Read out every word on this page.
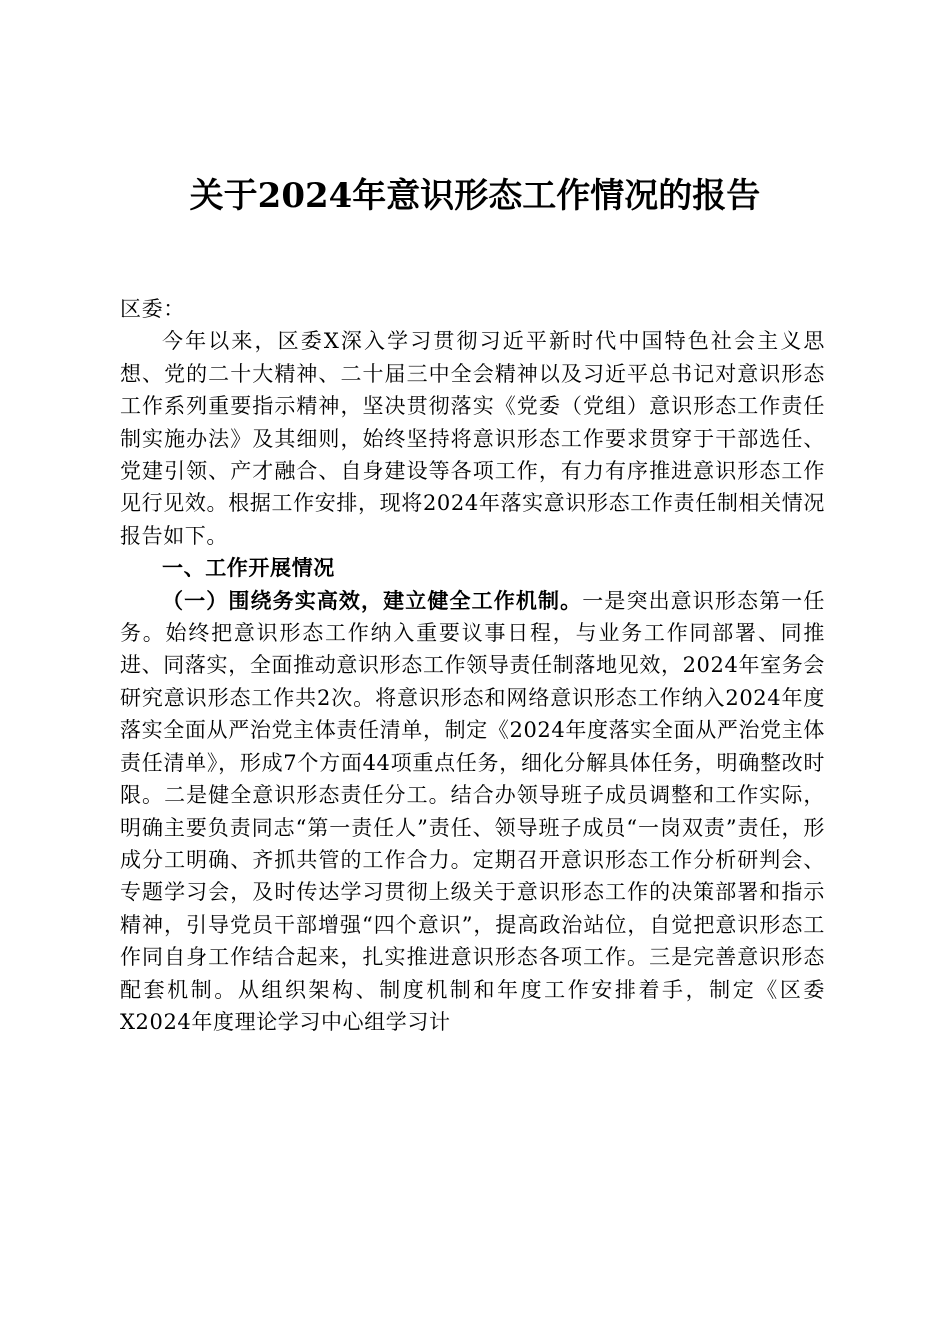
关于2024年意识形态工作情况的报告

区委：

今年以来，区委X深入学习贯彻习近平新时代中国特色社会主义思想、党的二十大精神、二十届三中全会精神以及习近平总书记对意识形态工作系列重要指示精神，坚决贯彻落实《党委（党组）意识形态工作责任制实施办法》及其细则，始终坚持将意识形态工作要求贯穿于干部选任、党建引领、产才融合、自身建设等各项工作，有力有序推进意识形态工作见行见效。根据工作安排，现将2024年落实意识形态工作责任制相关情况报告如下。

一、工作开展情况

（一）围绕务实高效，建立健全工作机制。一是突出意识形态第一任务。始终把意识形态工作纳入重要议事日程，与业务工作同部署、同推进、同落实，全面推动意识形态工作领导责任制落地见效，2024年室务会研究意识形态工作共2次。将意识形态和网络意识形态工作纳入2024年度落实全面从严治党主体责任清单，制定《2024年度落实全面从严治党主体责任清单》，形成7个方面44项重点任务，细化分解具体任务，明确整改时限。二是健全意识形态责任分工。结合办领导班子成员调整和工作实际，明确主要负责同志“第一责任人”责任、领导班子成员“一岗双责”责任，形成分工明确、齐抓共管的工作合力。定期召开意识形态工作分析研判会、专题学习会，及时传达学习贯彻上级关于意识形态工作的决策部署和指示精神，引导党员干部增强“四个意识”，提高政治站位，自觉把意识形态工作同自身工作结合起来，扎实推进意识形态各项工作。三是完善意识形态配套机制。从组织架构、制度机制和年度工作安排着手，制定《区委X2024年度理论学习中心组学习计
